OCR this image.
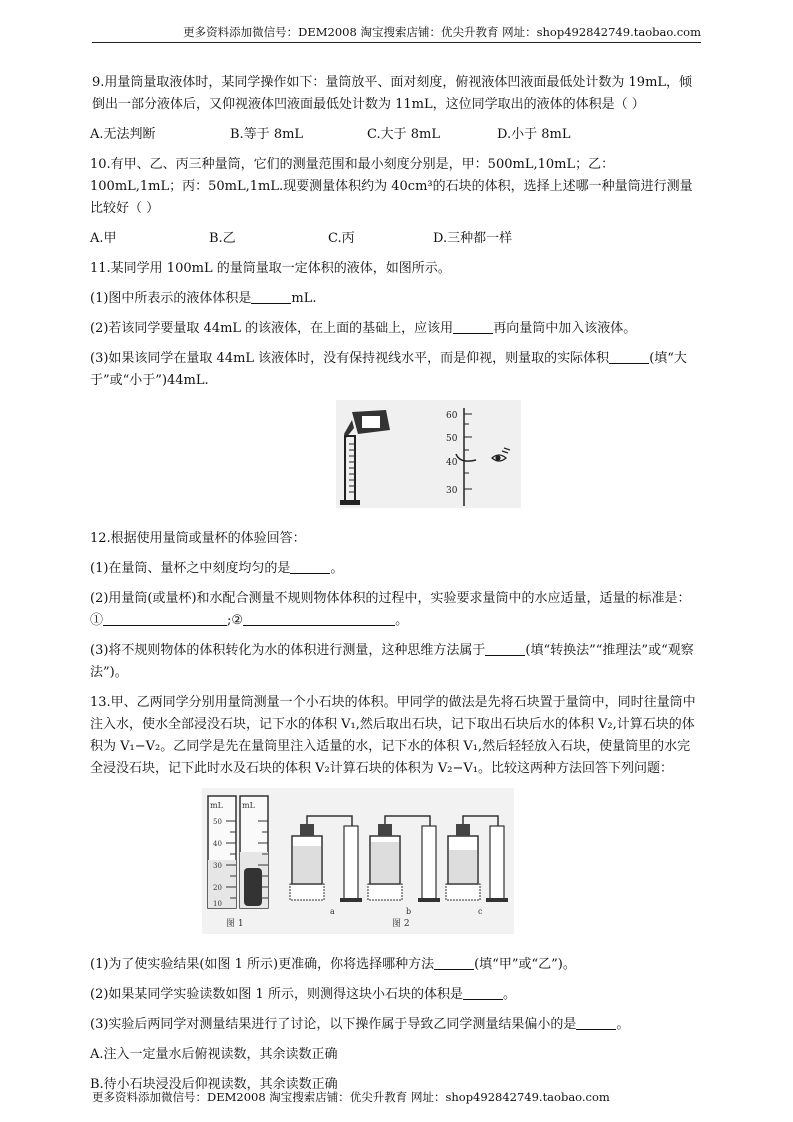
更多资料添加微信号：DEM2008 淘宝搜索店铺：优尖升教育 网址：shop492842749.taobao.com

9.用量筒量取液体时，某同学操作如下：量筒放平、面对刻度，俯视液体凹液面最低处计数为 19mL，倾倒出一部分液体后，又仰视液体凹液面最低处计数为 11mL，这位同学取出的液体的体积是（ ）

A.无法判断	B.等于 8mL	C.大于 8mL	D.小于 8mL

10.有甲、乙、丙三种量筒，它们的测量范围和最小刻度分别是，甲：500mL,10mL；乙：100mL,1mL；丙：50mL,1mL.现要测量体积约为 40cm³的石块的体积，选择上述哪一种量筒进行测量比较好（ ）

A.甲	B.乙	C.丙	D.三种都一样

11.某同学用 100mL 的量筒量取一定体积的液体，如图所示。

(1)图中所表示的液体体积是	mL.

(2)若该同学要量取 44mL 的该液体，在上面的基础上，应该用	再向量筒中加入该液体。

(3)如果该同学在量取 44mL 该液体时，没有保持视线水平，而是仰视，则量取的实际体积	(填“大于”或“小于”)44mL.

60
50
40
30

12.根据使用量筒或量杯的体验回答：

(1)在量筒、量杯之中刻度均匀的是	。

(2)用量筒(或量杯)和水配合测量不规则物体体积的过程中，实验要求量筒中的水应适量，适量的标准是：①	;②	。

(3)将不规则物体的体积转化为水的体积进行测量，这种思维方法属于	(填“转换法”“推理法”或“观察法”)。

13.甲、乙两同学分别用量筒测量一个小石块的体积。甲同学的做法是先将石块置于量筒中，同时往量筒中注入水，使水全部浸没石块，记下水的体积 V₁,然后取出石块，记下取出石块后水的体积 V₂,计算石块的体积为 V₁−V₂。乙同学是先在量筒里注入适量的水，记下水的体积 V₁,然后轻轻放入石块，使量筒里的水完全浸没石块，记下此时水及石块的体积 V₂计算石块的体积为 V₂−V₁。比较这两种方法回答下列问题：

mL mL
50
40
30
20
10
图 1
a	b	c
图 2

(1)为了使实验结果(如图 1 所示)更准确，你将选择哪种方法	(填“甲”或“乙”)。

(2)如果某同学实验读数如图 1 所示，则测得这块小石块的体积是	。

(3)实验后两同学对测量结果进行了讨论，以下操作属于导致乙同学测量结果偏小的是	。

A.注入一定量水后俯视读数，其余读数正确

B.待小石块浸没后仰视读数，其余读数正确

更多资料添加微信号：DEM2008 淘宝搜索店铺：优尖升教育 网址：shop492842749.taobao.com
